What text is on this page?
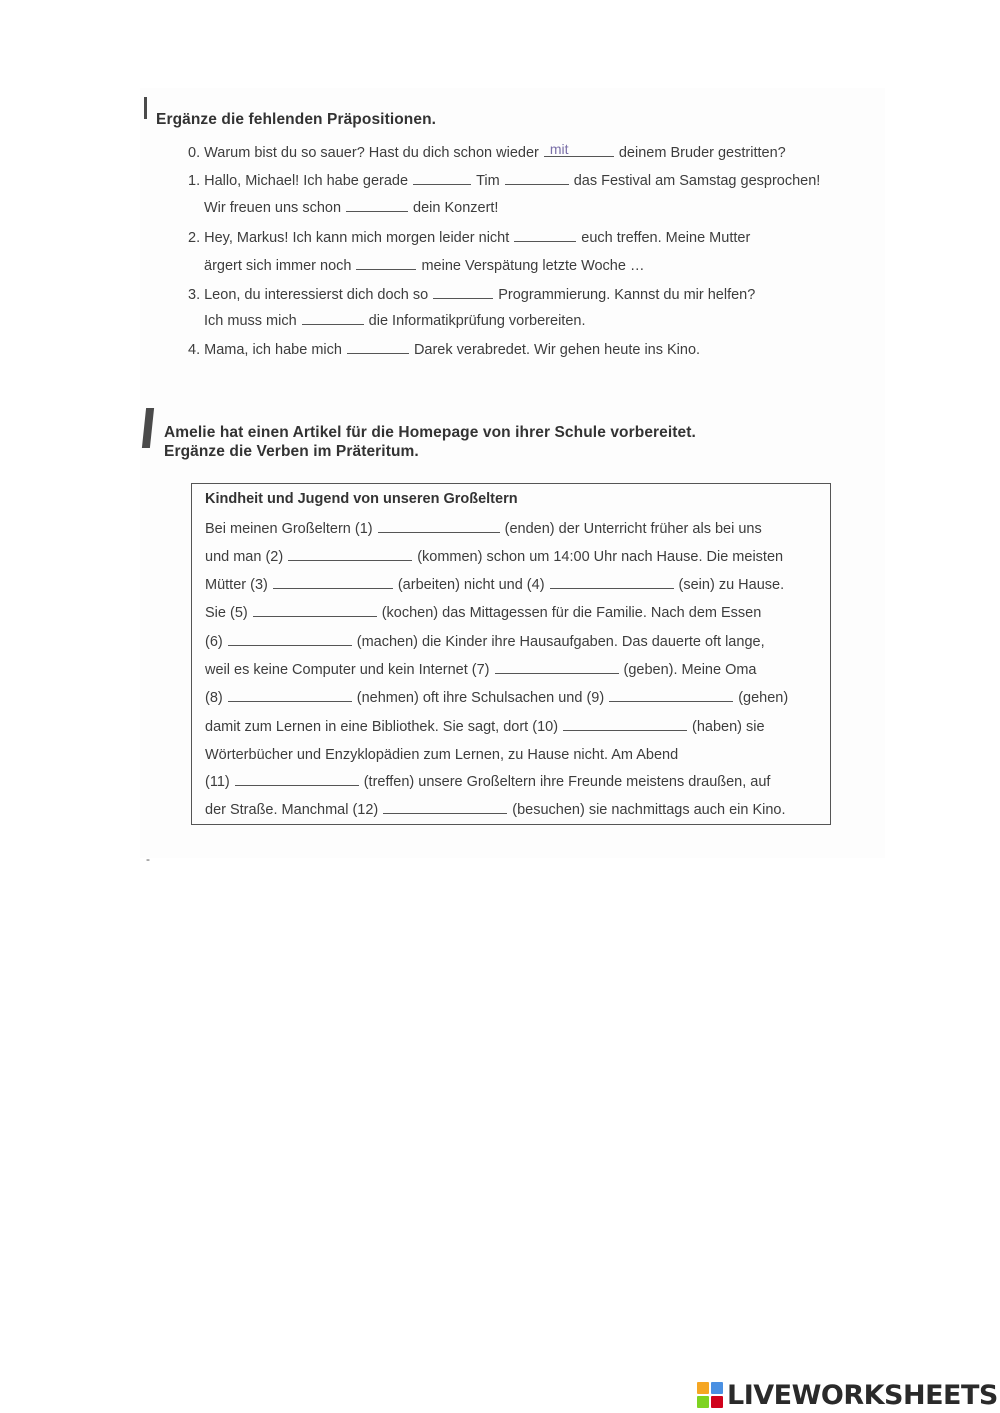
Ergänze die fehlenden Präpositionen.
0. Warum bist du so sauer? Hast du dich schon wieder mit	deinem Bruder gestritten?
1. Hallo, Michael! Ich habe gerade	Tim	das Festival am Samstag gesprochen!
Wir freuen uns schon	dein Konzert!
2. Hey, Markus! Ich kann mich morgen leider nicht	euch treffen. Meine Mutter
ärgert sich immer noch	meine Verspätung letzte Woche …
3. Leon, du interessierst dich doch so	Programmierung. Kannst du mir helfen?
Ich muss mich	die Informatikprüfung vorbereiten.
4. Mama, ich habe mich	Darek verabredet. Wir gehen heute ins Kino.
Amelie hat einen Artikel für die Homepage von ihrer Schule vorbereitet.
Ergänze die Verben im Präteritum.
Kindheit und Jugend von unseren Großeltern
Bei meinen Großeltern (1)	(enden) der Unterricht früher als bei uns
und man (2)	(kommen) schon um 14:00 Uhr nach Hause. Die meisten
Mütter (3)	(arbeiten) nicht und (4)	(sein) zu Hause.
Sie (5)	(kochen) das Mittagessen für die Familie. Nach dem Essen
(6)	(machen) die Kinder ihre Hausaufgaben. Das dauerte oft lange,
weil es keine Computer und kein Internet (7)	(geben). Meine Oma
(8)	(nehmen) oft ihre Schulsachen und (9)	(gehen)
damit zum Lernen in eine Bibliothek. Sie sagt, dort (10)	(haben) sie
Wörterbücher und Enzyklopädien zum Lernen, zu Hause nicht. Am Abend
(11)	(treffen) unsere Großeltern ihre Freunde meistens draußen, auf
der Straße. Manchmal (12)	(besuchen) sie nachmittags auch ein Kino.
-
LIVEWORKSHEETS
